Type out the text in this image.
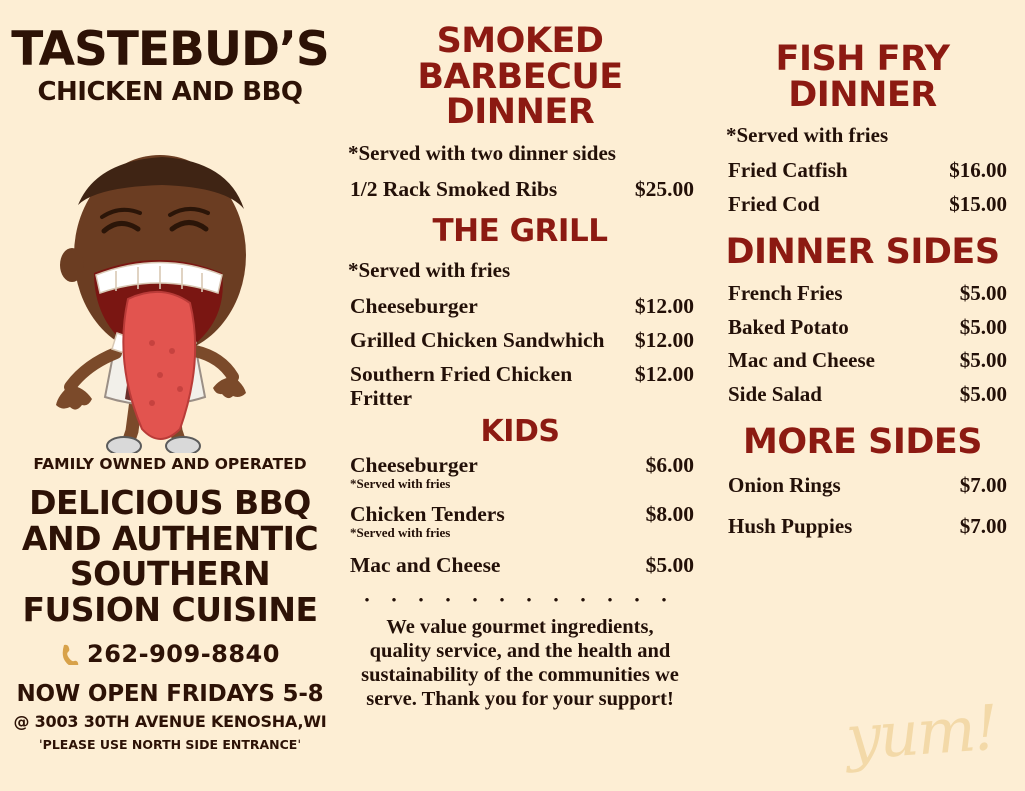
TASTEBUD’S
CHICKEN AND BBQ
FAMILY OWNED AND OPERATED
DELICIOUS BBQ AND AUTHENTIC SOUTHERN FUSION CUISINE
262-909-8840
NOW OPEN FRIDAYS 5-8
@ 3003 30TH AVENUE KENOSHA,WI
ˈPLEASE USE NORTH SIDE ENTRANCEˈ
SMOKED BARBECUE DINNER
*Served with two dinner sides
1/2 Rack Smoked Ribs	$25.00
THE GRILL
*Served with fries
Cheeseburger	$12.00
Grilled Chicken Sandwhich	$12.00
Southern Fried Chicken Fritter
$12.00
KIDS
Cheeseburger	$6.00
*Served with fries
Chicken Tenders	$8.00
*Served with fries
Mac and Cheese	$5.00
• • • • • • • • • • • •
We value gourmet ingredients, quality service, and the health and sustainability of the communities we serve. Thank you for your support!
FISH FRY DINNER
*Served with fries
Fried Catfish	$16.00
Fried Cod	$15.00
DINNER SIDES
French Fries	$5.00
Baked Potato	$5.00
Mac and Cheese	$5.00
Side Salad	$5.00
MORE SIDES
Onion Rings	$7.00
Hush Puppies	$7.00
yum!
